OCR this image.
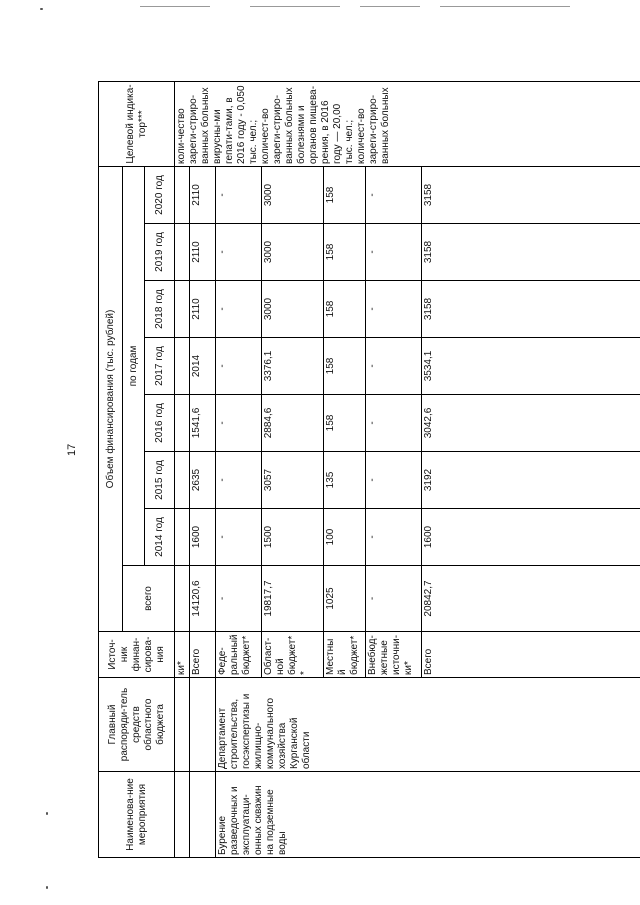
17
Наименова-ние мероприятия	Главный распоряди-тель средств областного бюджета	Источ-ник финан-сирова-ния	Объем финансирования (тыс. рублей)								Целевой индика-тор***
			всего	по годам							
				2014 год	2015 год	2016 год	2017 год	2018 год	2019 год	2020 год	
		ки*									коли-чество зареги-стриро-ванных больных вирусны-ми гепати-тами, в 2016 году - 0,050 тыс. чел.; количест-во зареги-стриро-ванных больных болезнями и органов пищева-рения, в 2016 году — 20,00 тыс. чел.; количест-во зареги-стриро-ванных больных
		Всего	14120,6	1600	2635	1541,6	2014	2110	2110	2110	
Бурение разведочных и эксплуатаци-онных скважин на подземные воды	Департамент строительства, госэкспертизы и жилищно-коммунального хозяйства Курганской области	Феде-ральный бюджет*	-	-	-	-	-	-	-	-	
		Област-ной бюджет**	19817,7	1500	3057	2884,6	3376,1	3000	3000	3000	
		Местный бюджет*	1025	100	135	158	158	158	158	158	
		Внебюд-жетные источни-ки*	-	-	-	-	-	-	-	-	
		Всего	20842,7	1600	3192	3042,6	3534,1	3158	3158	3158	
